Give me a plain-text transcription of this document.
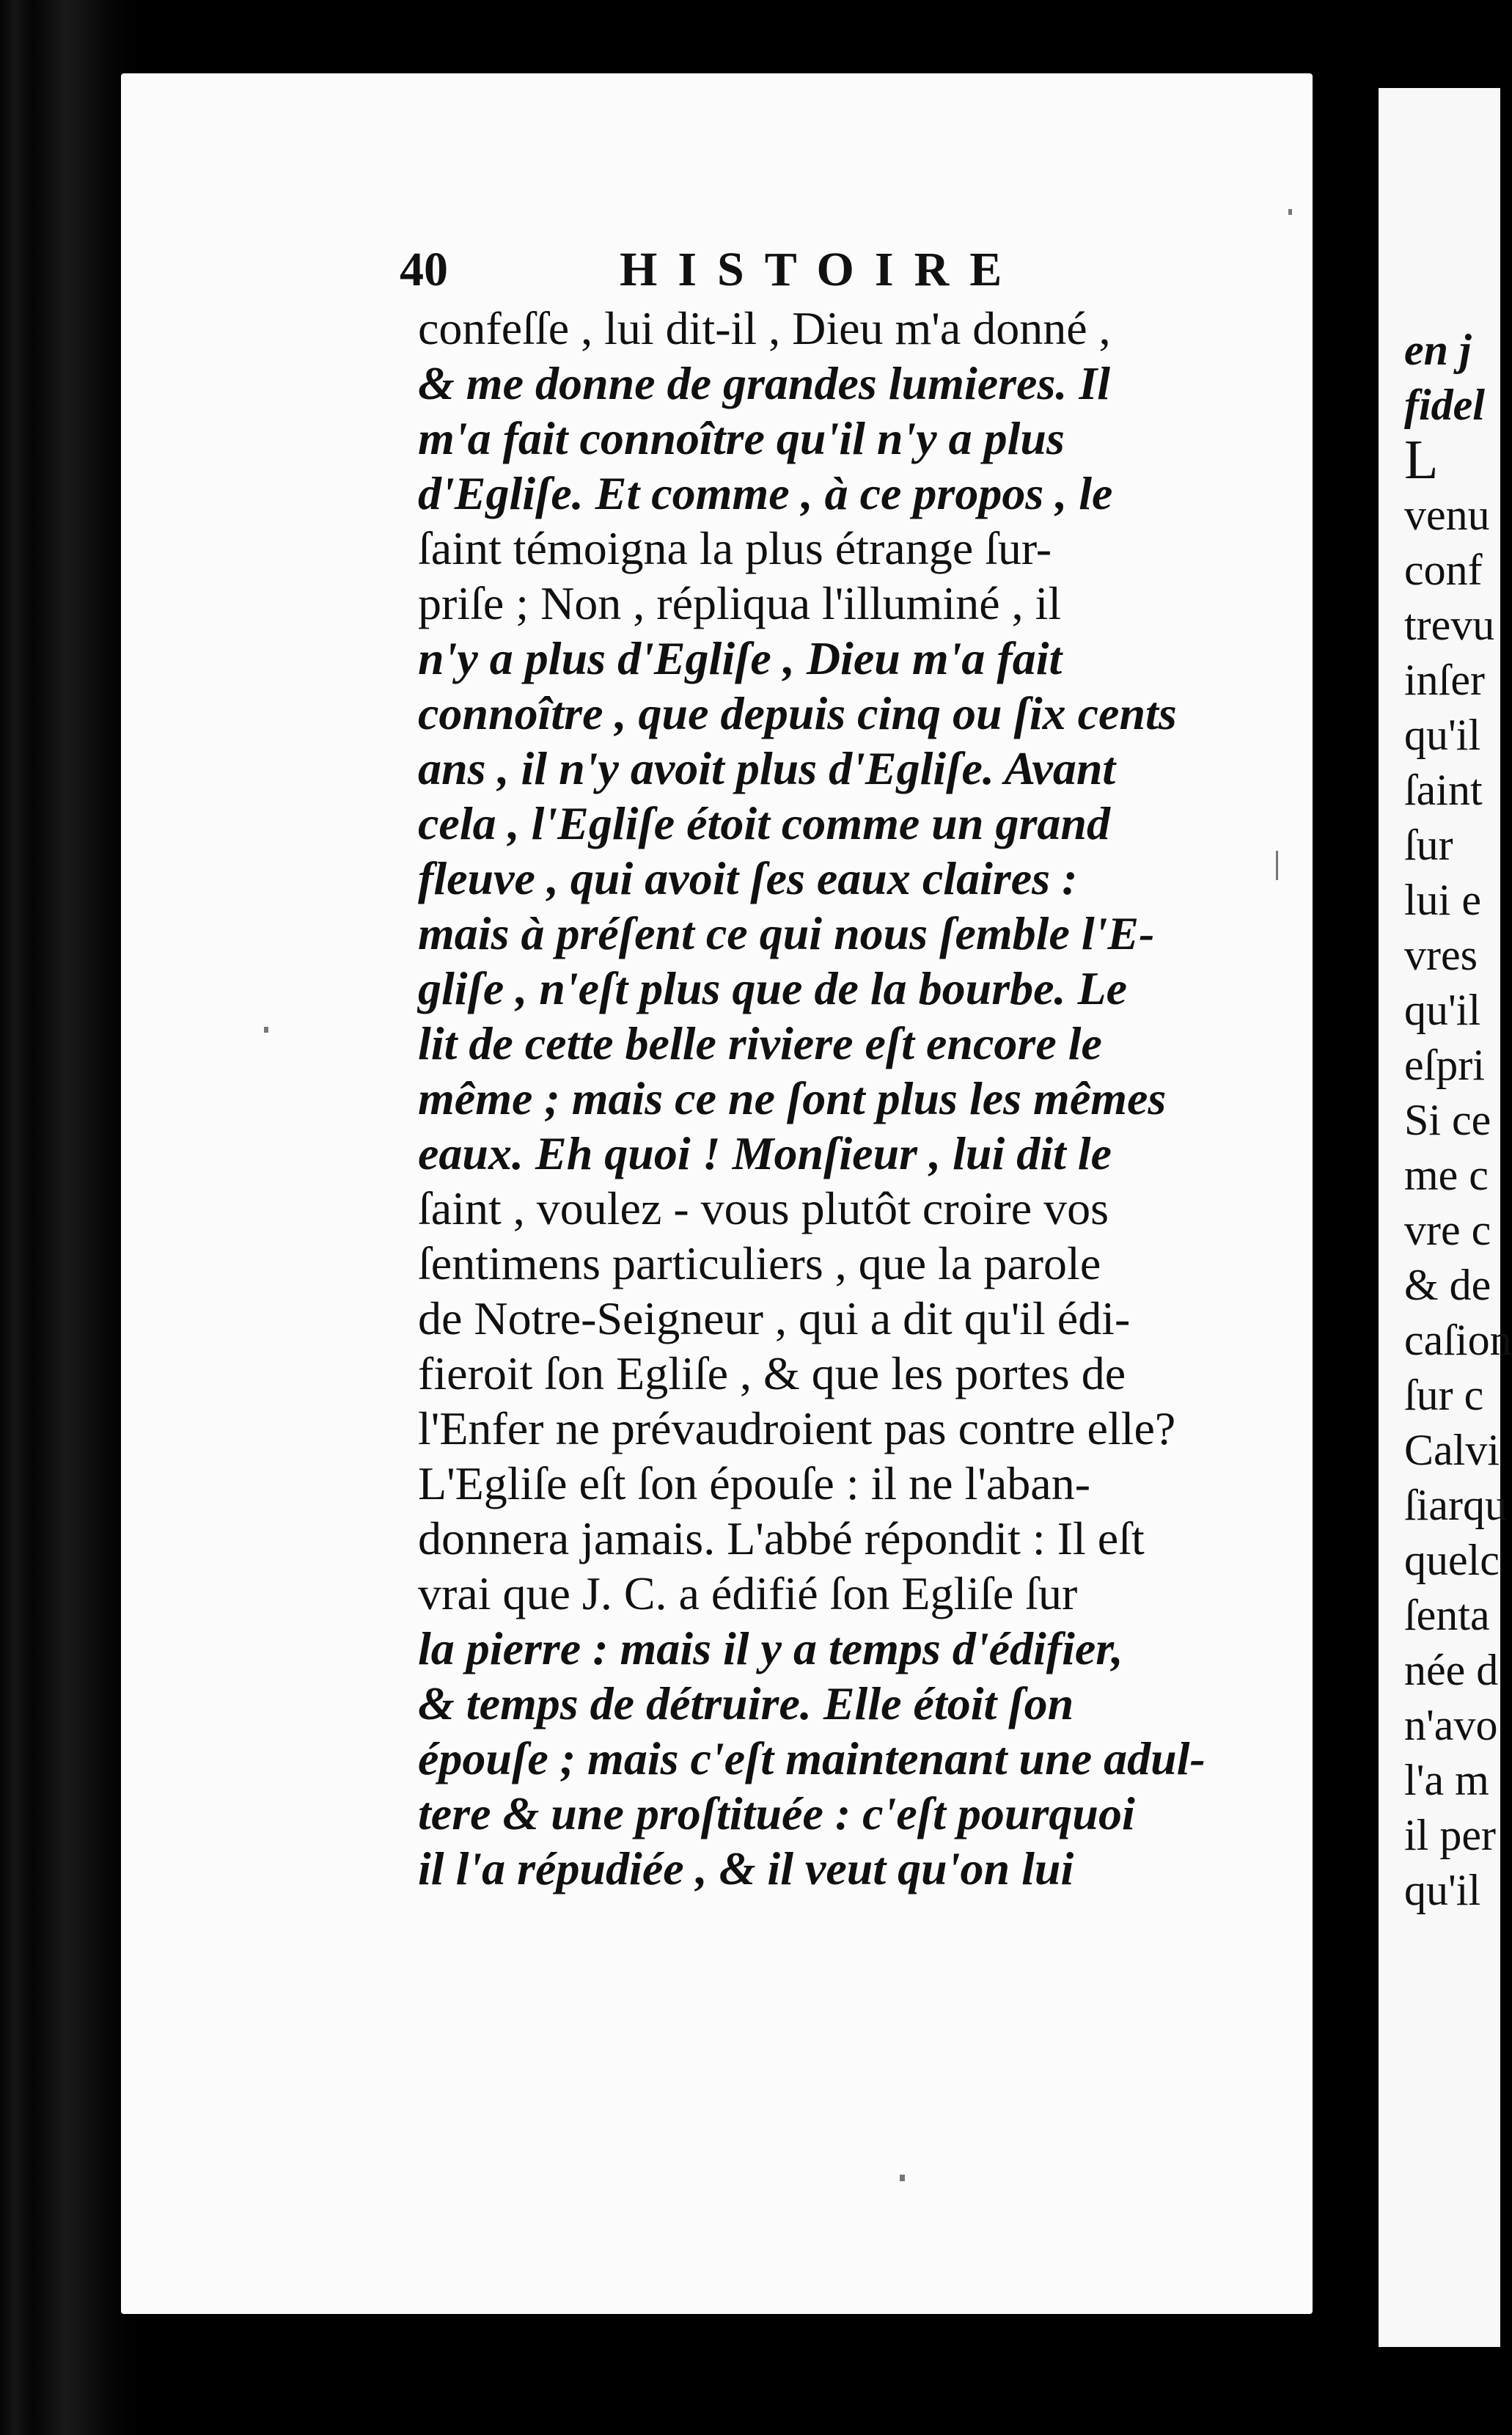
40	HISTOIRE
confeſſe , lui dit-il , Dieu m'a donné ,
& me donne de grandes lumieres. Il
m'a fait connoître qu'il n'y a plus
d'Egliſe. Et comme , à ce propos , le
ſaint témoigna la plus étrange ſur-
priſe ; Non , répliqua l'illuminé , il
n'y a plus d'Egliſe , Dieu m'a fait
connoître , que depuis cinq ou ſix cents
ans , il n'y avoit plus d'Egliſe. Avant
cela , l'Egliſe étoit comme un grand
fleuve , qui avoit ſes eaux claires :
mais à préſent ce qui nous ſemble l'E-
gliſe , n'eſt plus que de la bourbe. Le
lit de cette belle riviere eſt encore le
même ; mais ce ne ſont plus les mêmes
eaux. Eh quoi ! Monſieur , lui dit le
ſaint , voulez - vous plutôt croire vos
ſentimens particuliers , que la parole
de Notre-Seigneur , qui a dit qu'il édi-
fieroit ſon Egliſe , & que les portes de
l'Enfer ne prévaudroient pas contre elle?
L'Egliſe eſt ſon épouſe : il ne l'aban-
donnera jamais. L'abbé répondit : Il eſt
vrai que J. C. a édifié ſon Egliſe ſur
la pierre : mais il y a temps d'édifier,
& temps de détruire. Elle étoit ſon
épouſe ; mais c'eſt maintenant une adul-
tere & une proſtituée : c'eſt pourquoi
il l'a répudiée , & il veut qu'on lui
en j
fidel
L
venu
conf
trevu
inſer
qu'il
ſaint
ſur
lui e
vres
qu'il
eſpri
Si ce
me c
vre c
& de
caſion
ſur c
Calvi
ſiarqu
quelc
ſenta
née d
n'avo
l'a m
il per
qu'il
